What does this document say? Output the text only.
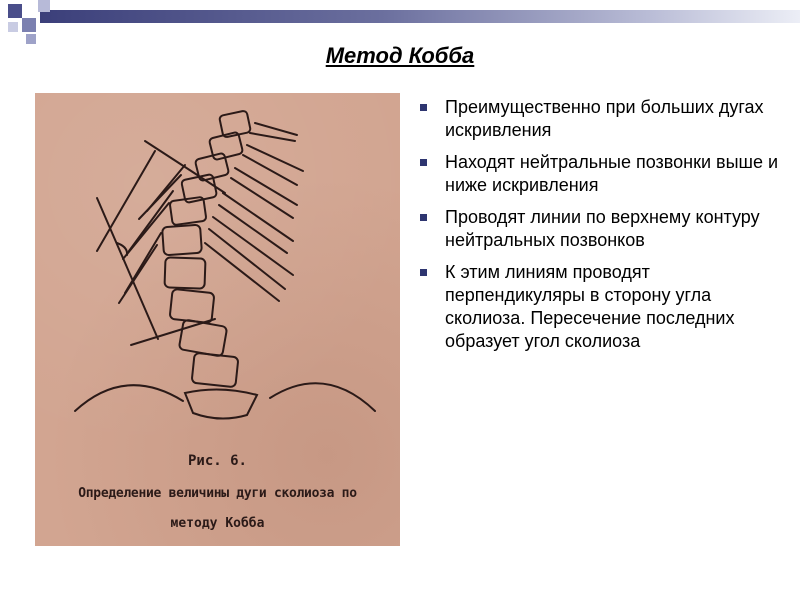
Метод Кобба
Рис. 6.
Определение величины дуги сколиоза по
методу Кобба
Преимущественно при больших дугах искривления
Находят нейтральные позвонки выше и ниже искривления
Проводят линии по верхнему контуру нейтральных позвонков
К этим линиям проводят перпендикуляры в сторону угла сколиоза. Пересечение последних образует угол сколиоза
